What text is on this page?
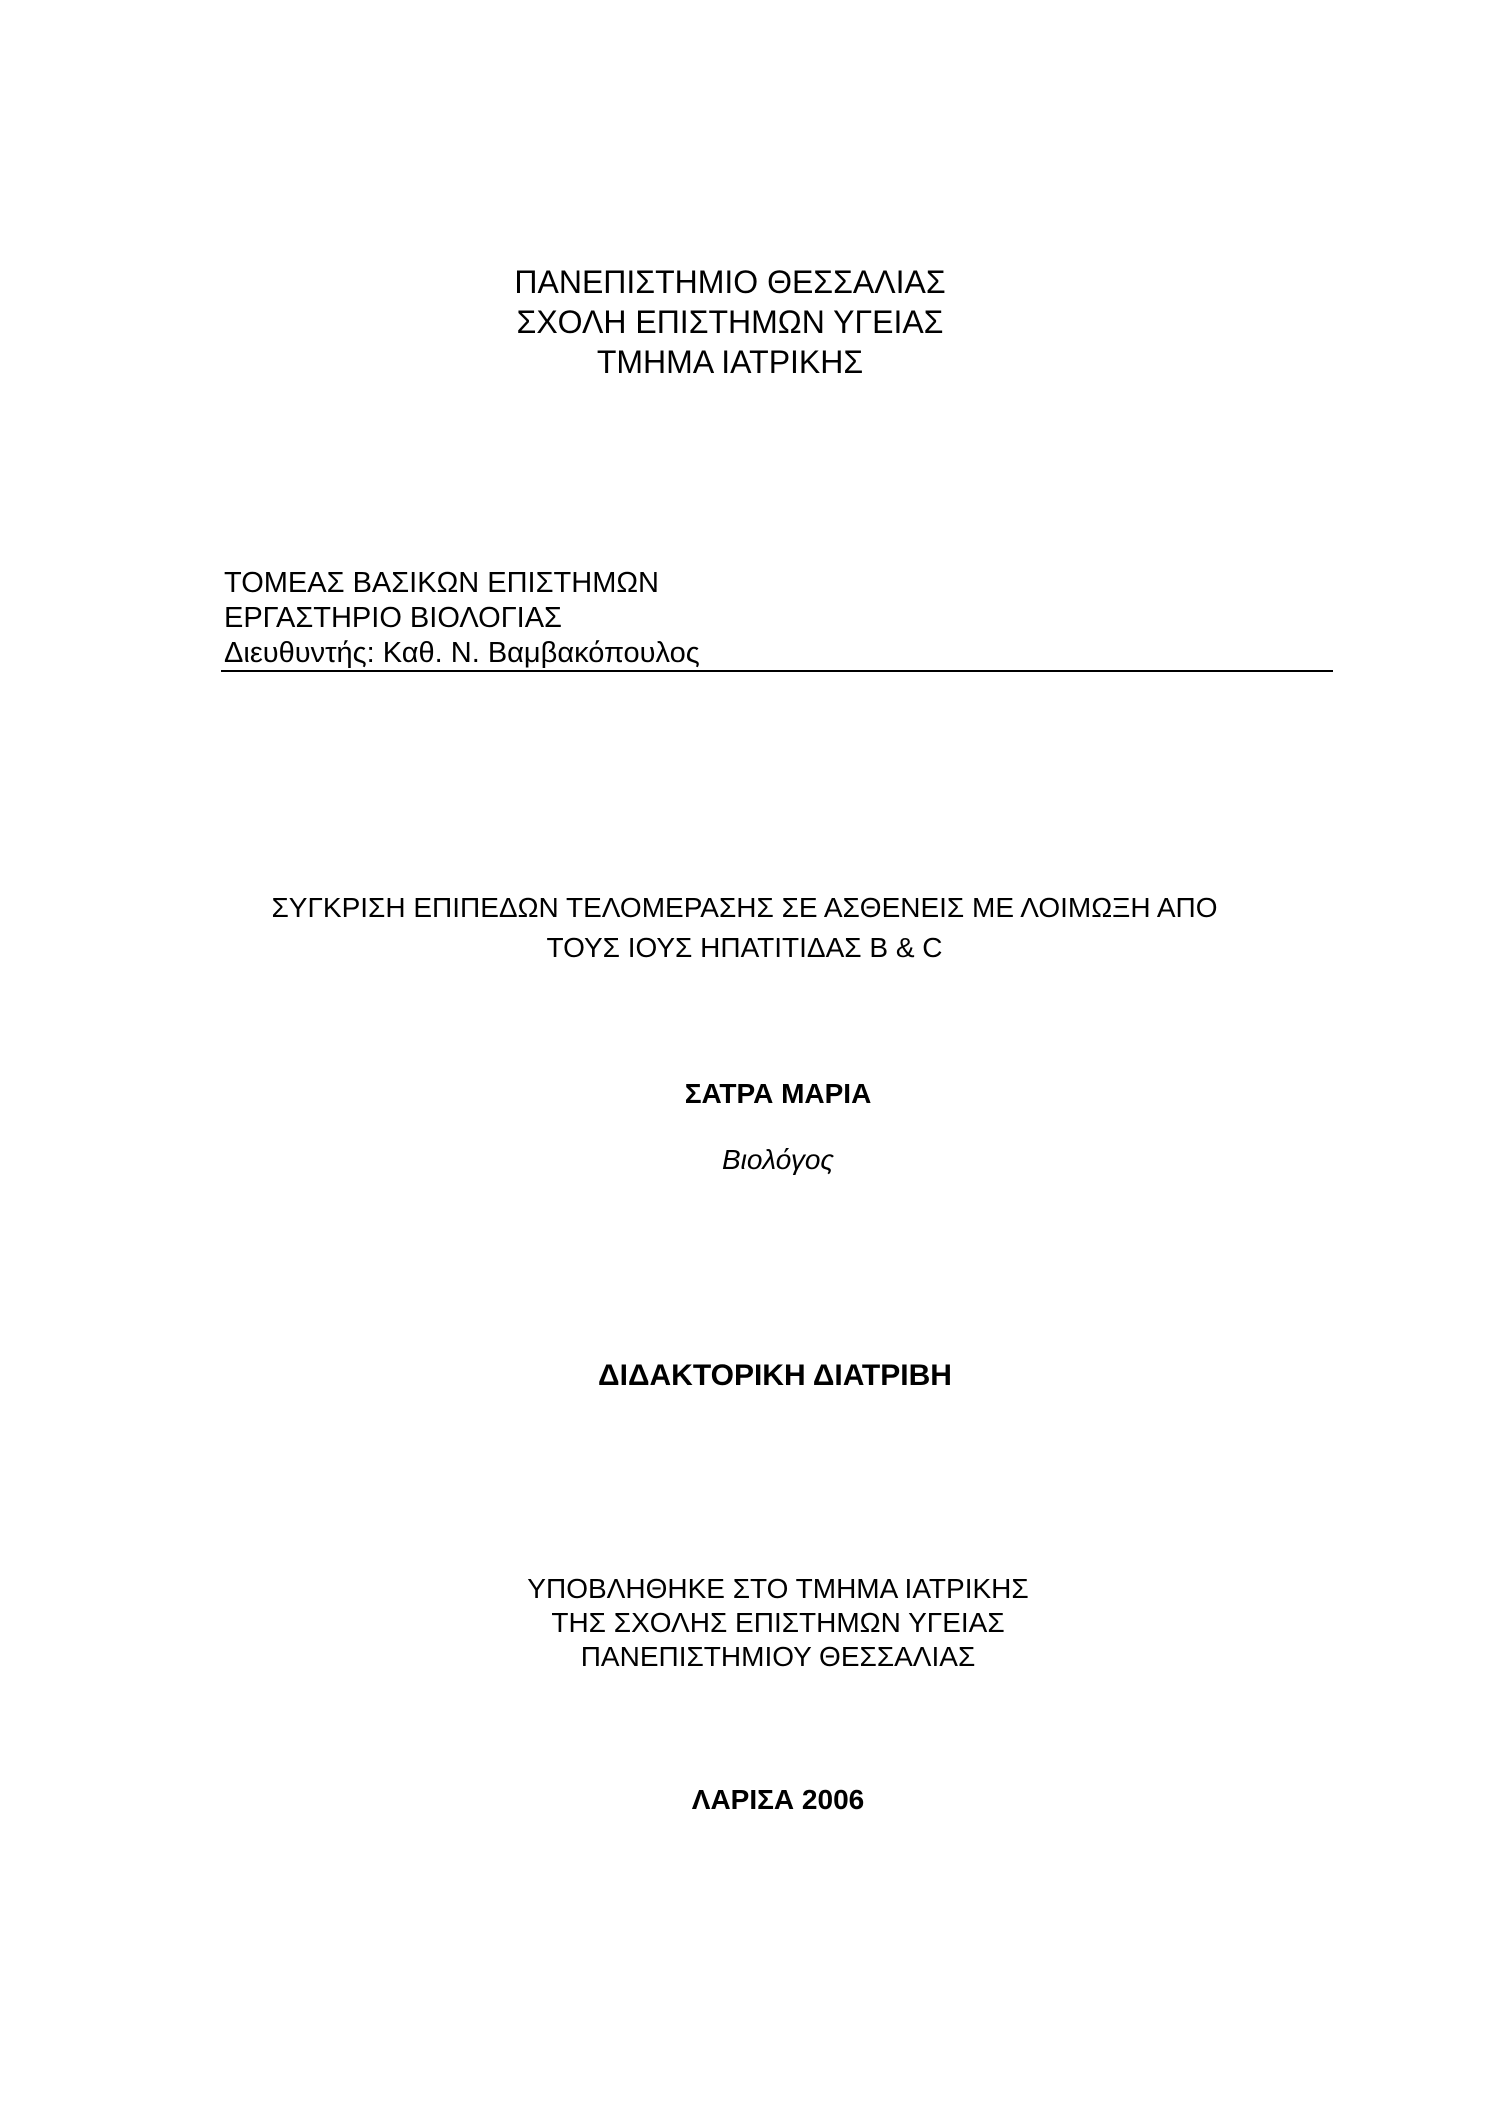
ΠΑΝΕΠΙΣΤΗΜΙΟ ΘΕΣΣΑΛΙΑΣ
ΣΧΟΛΗ ΕΠΙΣΤΗΜΩΝ ΥΓΕΙΑΣ
ΤΜΗΜΑ ΙΑΤΡΙΚΗΣ
ΤΟΜΕΑΣ ΒΑΣΙΚΩΝ ΕΠΙΣΤΗΜΩΝ
ΕΡΓΑΣΤΗΡΙΟ ΒΙΟΛΟΓΙΑΣ
Διευθυντής: Καθ. Ν. Βαμβακόπουλος
ΣΥΓΚΡΙΣΗ ΕΠΙΠΕΔΩΝ ΤΕΛΟΜΕΡΑΣΗΣ ΣΕ ΑΣΘΕΝΕΙΣ ΜΕ ΛΟΙΜΩΞΗ ΑΠΟ
ΤΟΥΣ ΙΟΥΣ ΗΠΑΤΙΤΙΔΑΣ Β & C
ΣΑΤΡΑ ΜΑΡΙΑ
Βιολόγος
ΔΙΔΑΚΤΟΡΙΚΗ ΔΙΑΤΡΙΒΗ
ΥΠΟΒΛΗΘΗΚΕ ΣΤΟ ΤΜΗΜΑ ΙΑΤΡΙΚΗΣ
ΤΗΣ ΣΧΟΛΗΣ ΕΠΙΣΤΗΜΩΝ ΥΓΕΙΑΣ
ΠΑΝΕΠΙΣΤΗΜΙΟΥ ΘΕΣΣΑΛΙΑΣ
ΛΑΡΙΣΑ 2006
